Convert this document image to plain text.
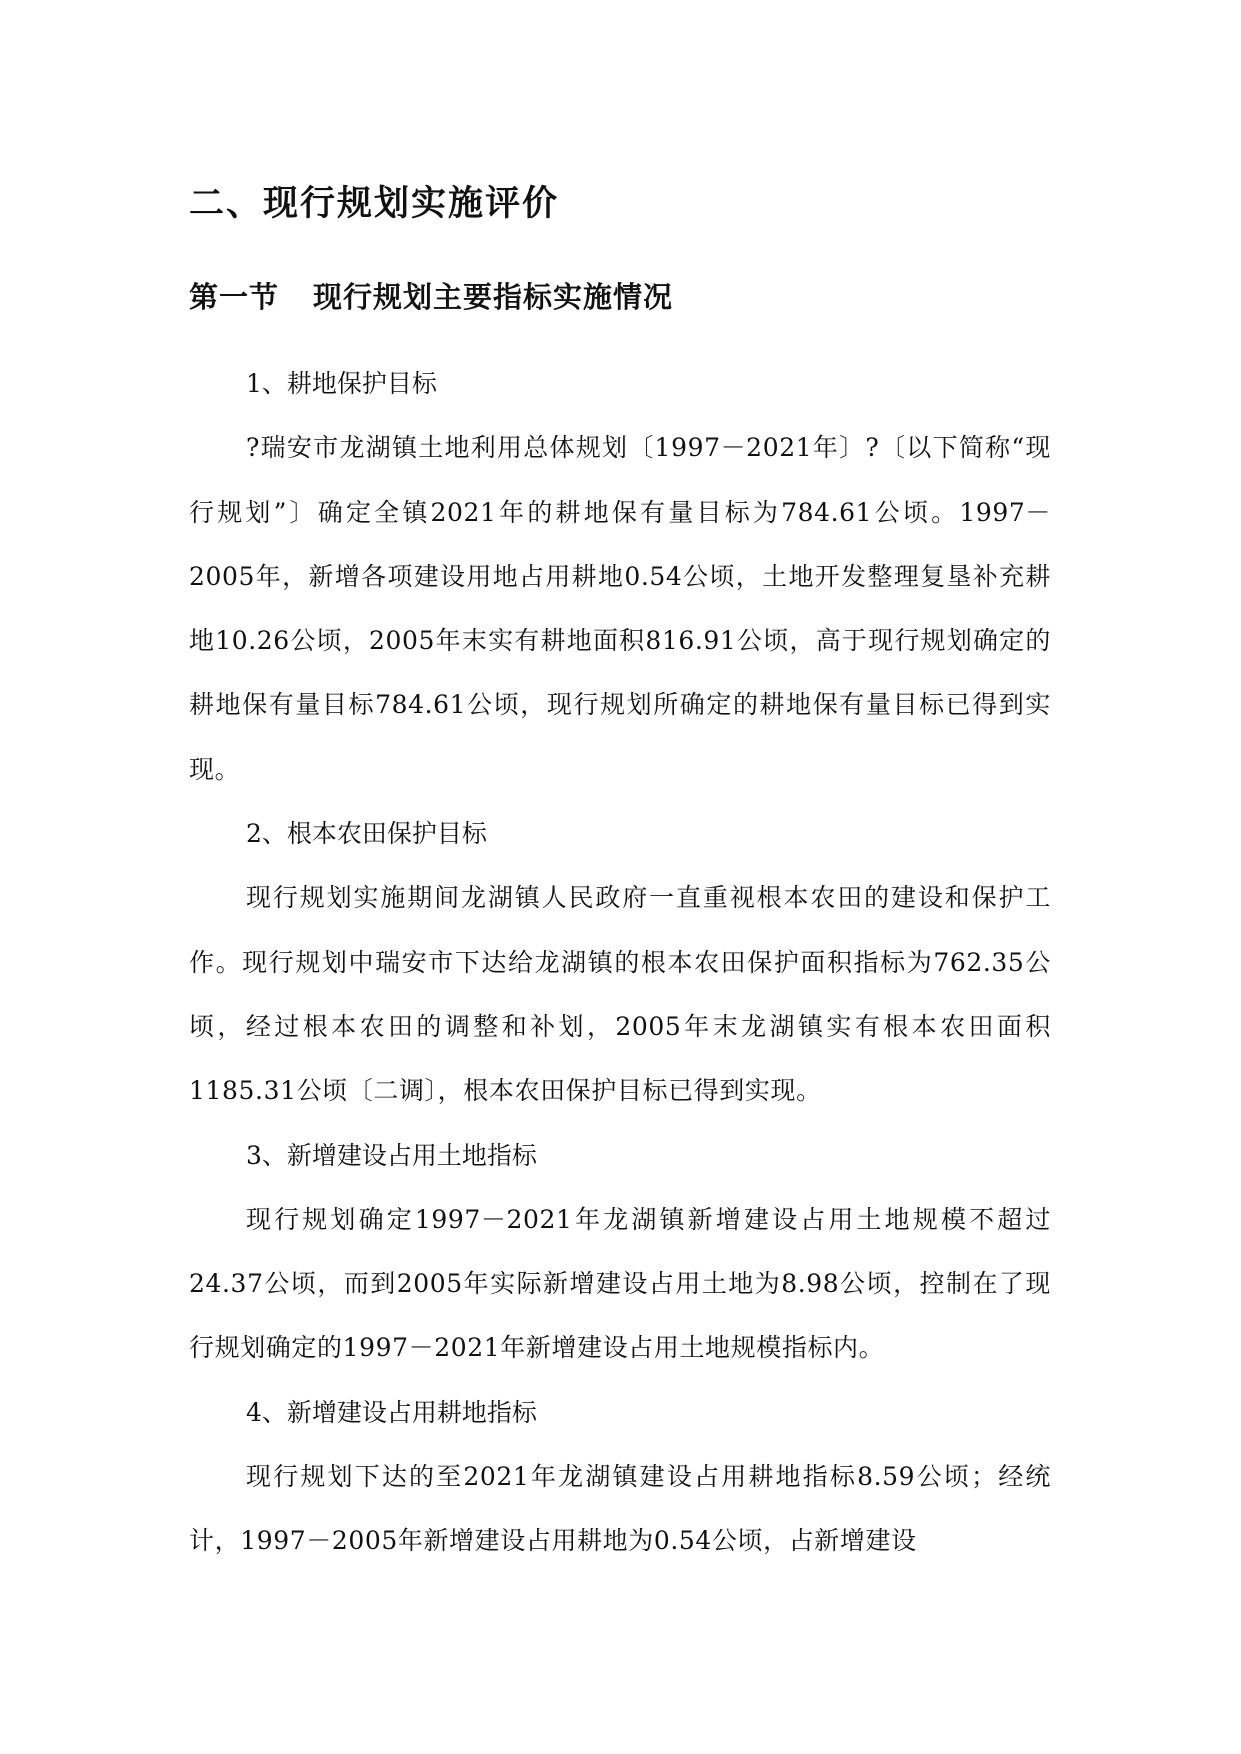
二、现行规划实施评价
第一节 现行规划主要指标实施情况

1、耕地保护目标

?瑞安市龙湖镇土地利用总体规划〔1997－2021年〕?〔以下简称“现行规划”〕确定全镇2021年的耕地保有量目标为784.61公顷。1997－2005年，新增各项建设用地占用耕地0.54公顷，土地开发整理复垦补充耕地10.26公顷，2005年末实有耕地面积816.91公顷，高于现行规划确定的耕地保有量目标784.61公顷，现行规划所确定的耕地保有量目标已得到实现。

2、根本农田保护目标

现行规划实施期间龙湖镇人民政府一直重视根本农田的建设和保护工作。现行规划中瑞安市下达给龙湖镇的根本农田保护面积指标为762.35公顷，经过根本农田的调整和补划，2005年末龙湖镇实有根本农田面积1185.31公顷〔二调〕，根本农田保护目标已得到实现。

3、新增建设占用土地指标

现行规划确定1997－2021年龙湖镇新增建设占用土地规模不超过24.37公顷，而到2005年实际新增建设占用土地为8.98公顷，控制在了现行规划确定的1997－2021年新增建设占用土地规模指标内。

4、新增建设占用耕地指标

现行规划下达的至2021年龙湖镇建设占用耕地指标8.59公顷；经统计，1997－2005年新增建设占用耕地为0.54公顷，占新增建设
